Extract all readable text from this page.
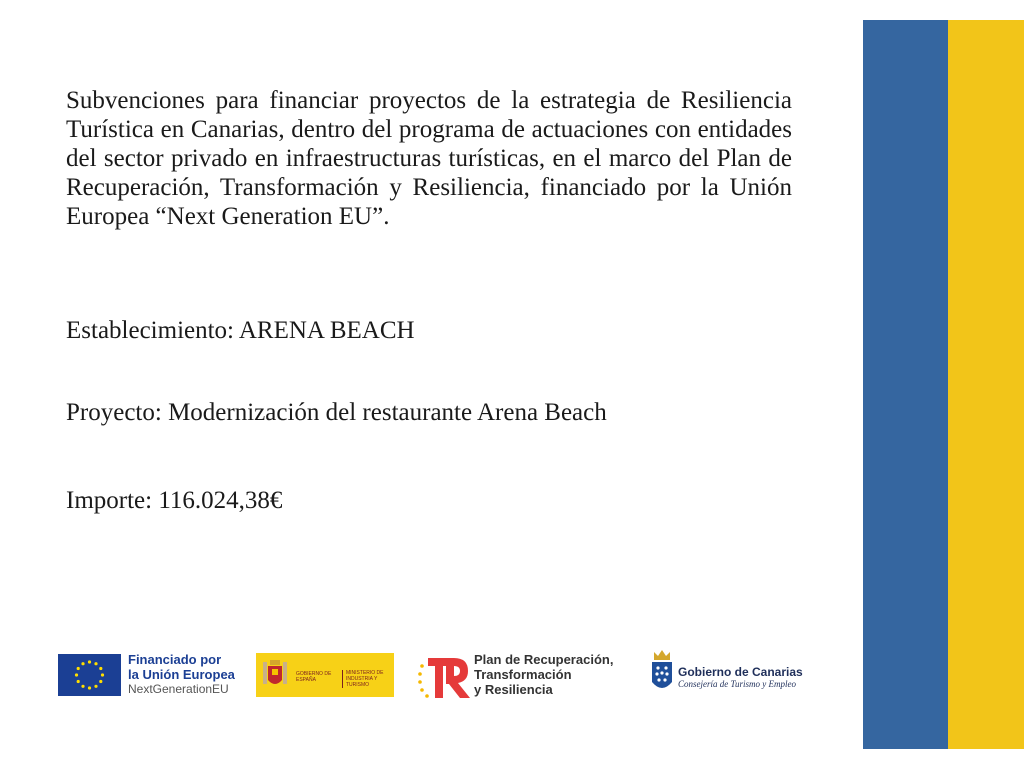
Subvenciones para financiar proyectos de la estrategia de Resiliencia Turística en Canarias, dentro del programa de actuaciones con entidades del sector privado en infraestructuras turísticas, en el marco del Plan de Recuperación, Transformación y Resiliencia, financiado por la Unión Europea “Next Generation EU”.

Establecimiento: ARENA BEACH

Proyecto: Modernización del restaurante Arena Beach

Importe: 116.024,38€

Financiado por
la Unión Europea
NextGenerationEU
GOBIERNO DE ESPAÑA
MINISTERIO DE INDUSTRIA Y TURISMO
Plan de Recuperación,
Transformación
y Resiliencia
Gobierno de Canarias
Consejería de Turismo y Empleo
